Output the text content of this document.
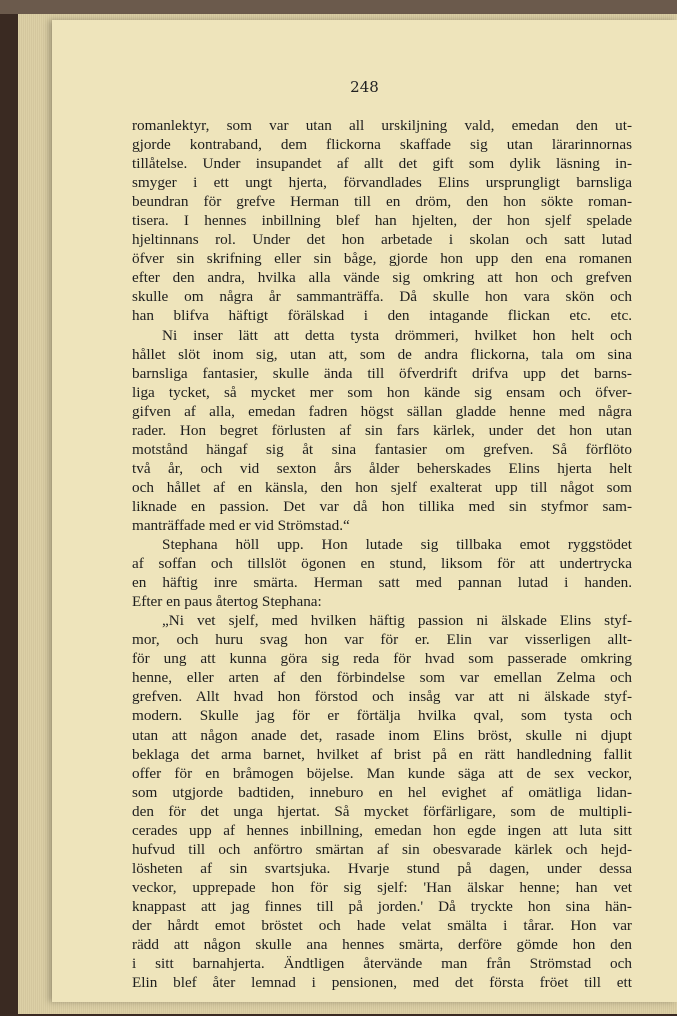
248
romanlektyr, som var utan all urskiljning vald, emedan den ut-
gjorde kontraband, dem flickorna skaffade sig utan lärarinnornas
tillåtelse. Under insupandet af allt det gift som dylik läsning in-
smyger i ett ungt hjerta, förvandlades Elins ursprungligt barnsliga
beundran för grefve Herman till en dröm, den hon sökte roman-
tisera. I hennes inbillning blef han hjelten, der hon sjelf spelade
hjeltinnans rol. Under det hon arbetade i skolan och satt lutad
öfver sin skrifning eller sin båge, gjorde hon upp den ena romanen
efter den andra, hvilka alla vände sig omkring att hon och grefven
skulle om några år sammanträffa. Då skulle hon vara skön och
han blifva häftigt förälskad i den intagande flickan etc. etc.
Ni inser lätt att detta tysta drömmeri, hvilket hon helt och
hållet slöt inom sig, utan att, som de andra flickorna, tala om sina
barnsliga fantasier, skulle ända till öfverdrift drifva upp det barns-
liga tycket, så mycket mer som hon kände sig ensam och öfver-
gifven af alla, emedan fadren högst sällan gladde henne med några
rader. Hon begret förlusten af sin fars kärlek, under det hon utan
motstånd hängaf sig åt sina fantasier om grefven. Så förflöto
två år, och vid sexton års ålder beherskades Elins hjerta helt
och hållet af en känsla, den hon sjelf exalterat upp till något som
liknade en passion. Det var då hon tillika med sin styfmor sam-
manträffade med er vid Strömstad.“
Stephana höll upp. Hon lutade sig tillbaka emot ryggstödet
af soffan och tillslöt ögonen en stund, liksom för att undertrycka
en häftig inre smärta. Herman satt med pannan lutad i handen.
Efter en paus återtog Stephana:
„Ni vet sjelf, med hvilken häftig passion ni älskade Elins styf-
mor, och huru svag hon var för er. Elin var visserligen allt-
för ung att kunna göra sig reda för hvad som passerade omkring
henne, eller arten af den förbindelse som var emellan Zelma och
grefven. Allt hvad hon förstod och insåg var att ni älskade styf-
modern. Skulle jag för er förtälja hvilka qval, som tysta och
utan att någon anade det, rasade inom Elins bröst, skulle ni djupt
beklaga det arma barnet, hvilket af brist på en rätt handledning fallit
offer för en bråmogen böjelse. Man kunde säga att de sex veckor,
som utgjorde badtiden, inneburo en hel evighet af omätliga lidan-
den för det unga hjertat. Så mycket förfärligare, som de multipli-
cerades upp af hennes inbillning, emedan hon egde ingen att luta sitt
hufvud till och anförtro smärtan af sin obesvarade kärlek och hejd-
lösheten af sin svartsjuka. Hvarje stund på dagen, under dessa
veckor, upprepade hon för sig sjelf: 'Han älskar henne; han vet
knappast att jag finnes till på jorden.' Då tryckte hon sina hän-
der hårdt emot bröstet och hade velat smälta i tårar. Hon var
rädd att någon skulle ana hennes smärta, derföre gömde hon den
i sitt barnahjerta. Ändtligen återvände man från Strömstad och
Elin blef åter lemnad i pensionen, med det första fröet till ett
